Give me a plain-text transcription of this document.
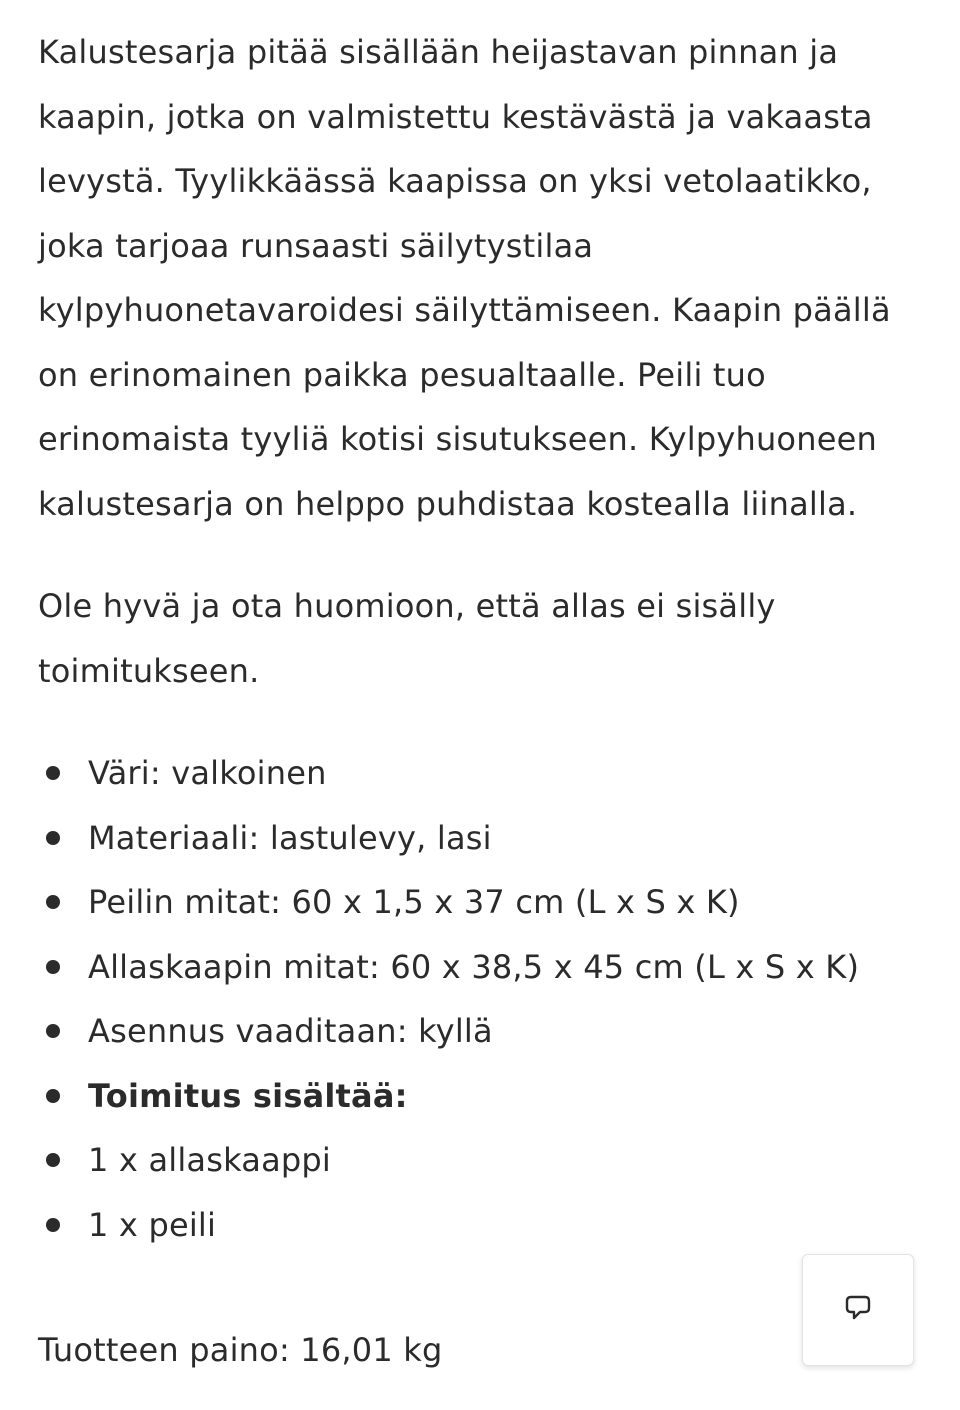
Kalustesarja pitää sisällään heijastavan pinnan ja kaapin, jotka on valmistettu kestävästä ja vakaasta levystä. Tyylikkäässä kaapissa on yksi vetolaatikko, joka tarjoaa runsaasti säilytystilaa kylpyhuonetavaroidesi säilyttämiseen. Kaapin päällä on erinomainen paikka pesualtaalle. Peili tuo erinomaista tyyliä kotisi sisutukseen. Kylpyhuoneen kalustesarja on helppo puhdistaa kostealla liinalla.

Ole hyvä ja ota huomioon, että allas ei sisälly toimitukseen.

Väri: valkoinen
Materiaali: lastulevy, lasi
Peilin mitat: 60 x 1,5 x 37 cm (L x S x K)
Allaskaapin mitat: 60 x 38,5 x 45 cm (L x S x K)
Asennus vaaditaan: kyllä
Toimitus sisältää:
1 x allaskaappi
1 x peili

Tuotteen paino: 16,01 kg
